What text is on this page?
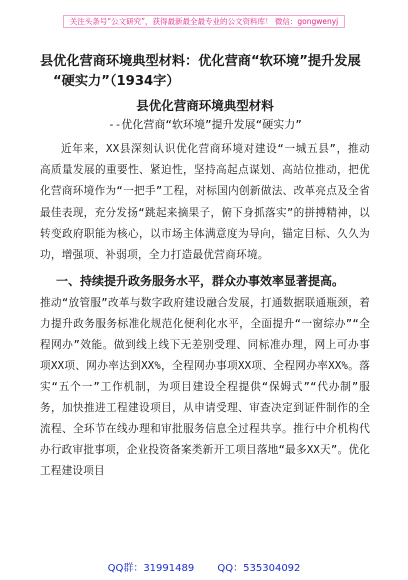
关注头条号“公文研究”，获得最新最全最专业的公文资料库！ 微信：gongwenyj
县优化营商环境典型材料：优化营商“软环境”提升发展
“硬实力”（1934字）
县优化营商环境典型材料
--优化营商“软环境”提升发展“硬实力”

近年来，XX县深刻认识优化营商环境对建设“一城五县”，推动高质量发展的重要性、紧迫性，坚持高起点谋划、高站位推动，把优化营商环境作为“一把手”工程，对标国内创新做法、改革亮点及全省最佳表现，充分发扬“跳起来摘果子，俯下身抓落实”的拼搏精神，以转变政府职能为核心，以市场主体满意度为导向，锚定目标、久久为功，增强项、补弱项，全力打造最优营商环境。

一、持续提升政务服务水平，群众办事效率显著提高。

推动“放管服”改革与数字政府建设融合发展，打通数据联通瓶颈，着力提升政务服务标准化规范化便利化水平，全面提升“一窗综办”“全程网办”效能。做到线上线下无差别受理、同标准办理，网上可办事项XX项、网办率达到XX%，全程网办事项XX项、全程网办率XX%。落实“五个一”工作机制，为项目建设全程提供“保姆式”“代办制”服务，加快推进工程建设项目，从申请受理、审查决定到证件制作的全流程、全环节在线办理和审批服务信息全过程共享。推行中介机构代办行政审批事项，企业投资备案类新开工项目落地“最多XX天”。优化工程建设项目

QQ群：31991489 QQ：535304092
